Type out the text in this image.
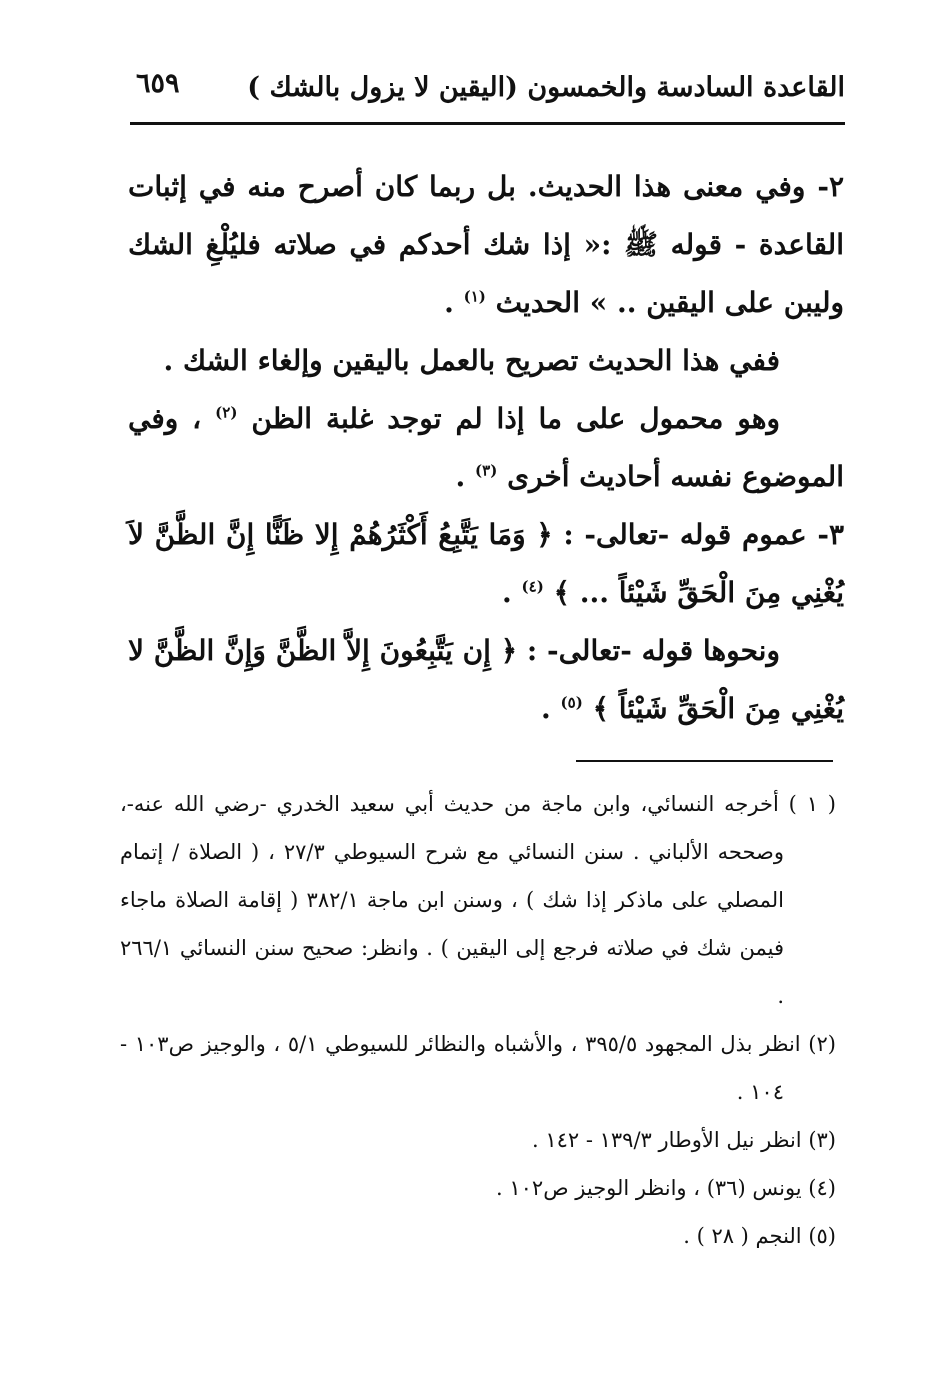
القاعدة السادسة والخمسون (اليقين لا يزول بالشك )
٦٥٩

٢- وفي معنى هذا الحديث. بل ربما كان أصرح منه في إثبات القاعدة - قوله ﷺ :« إذا شك أحدكم في صلاته فليُلْغِ الشك وليبن على اليقين .. » الحديث $^{(١)}$ .

ففي هذا الحديث تصريح بالعمل باليقين وإلغاء الشك .

وهو محمول على ما إذا لم توجد غلبة الظن $^{(٢)}$ ، وفي الموضوع نفسه أحاديث أخرى $^{(٣)}$ .

٣- عموم قوله -تعالى- : ﴿ وَمَا يَتَّبِعُ أَكْثَرُهُمْ إِلا ظَنًّا إِنَّ الظَّنَّ لاَ يُغْنِي مِنَ الْحَقِّ شَيْئاً ... ﴾ $^{(٤)}$ .

ونحوها قوله -تعالى- : ﴿ إِن يَتَّبِعُونَ إِلاَّ الظَّنَّ وَإِنَّ الظَّنَّ لا يُغْنِي مِنَ الْحَقِّ شَيْئاً ﴾ $^{(٥)}$ .

( ١ ) أخرجه النسائي، وابن ماجة من حديث أبي سعيد الخدري -رضي الله عنه-، وصححه الألباني . سنن النسائي مع شرح السيوطي ٢٧/٣ ، ( الصلاة / إتمام المصلي على ماذكر إذا شك ) ، وسنن ابن ماجة ٣٨٢/١ ( إقامة الصلاة ماجاء فيمن شك في صلاته فرجع إلى اليقين ) . وانظر: صحيح سنن النسائي ٢٦٦/١ .

(٢) انظر بذل المجهود ٣٩٥/٥ ، والأشباه والنظائر للسيوطي ٥/١ ، والوجيز ص١٠٣ - ١٠٤ .

(٣) انظر نيل الأوطار ١٣٩/٣ - ١٤٢ .

(٤) يونس (٣٦) ، وانظر الوجيز ص١٠٢ .

(٥) النجم ( ٢٨ ) .
